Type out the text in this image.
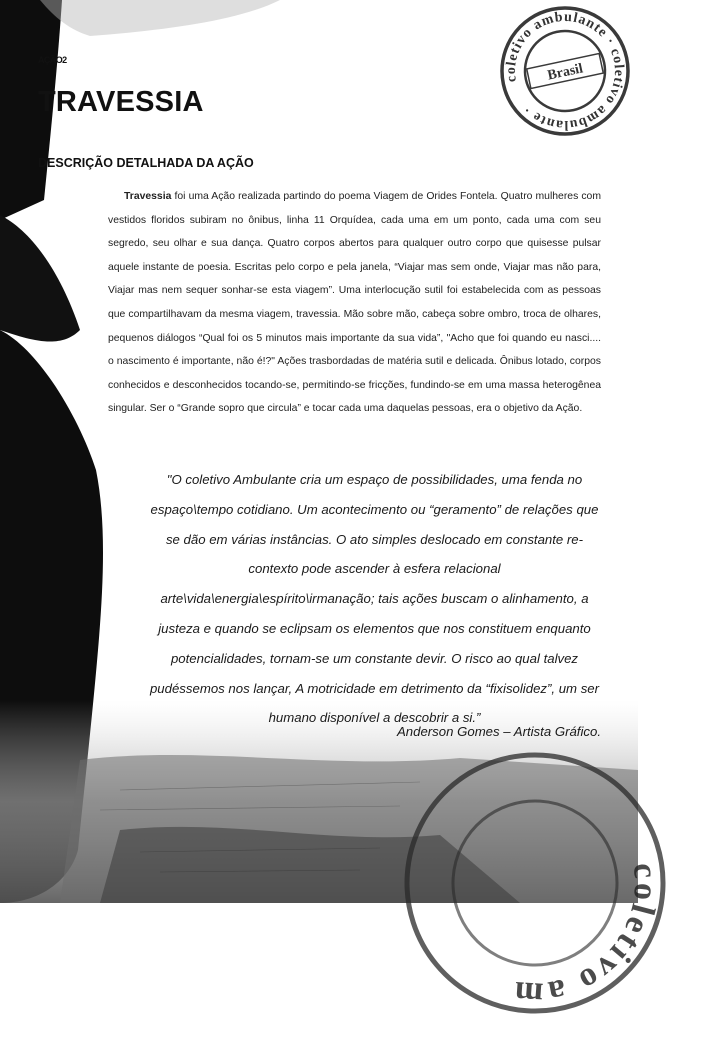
coletivo ambulante · coletivo ambulante ·
Brasil
coletivo am
AÇÃO2
TRAVESSIA
DESCRIÇÃO DETALHADA DA AÇÃO

Travessia foi uma Ação realizada partindo do poema Viagem de Orides Fontela. Quatro mulheres com vestidos floridos subiram no ônibus, linha 11 Orquídea, cada uma em um ponto, cada uma com seu segredo, seu olhar e sua dança. Quatro corpos abertos para qualquer outro corpo que quisesse pulsar aquele instante de poesia. Escritas pelo corpo e pela janela, “Viajar mas sem onde, Viajar mas não para, Viajar mas nem sequer sonhar-se esta viagem”. Uma interlocução sutil foi estabelecida com as pessoas que compartilhavam da mesma viagem, travessia. Mão sobre mão, cabeça sobre ombro, troca de olhares, pequenos diálogos “Qual foi os 5 minutos mais importante da sua vida”, "Acho que foi quando eu nasci.... o nascimento é importante, não é!?" Ações trasbordadas de matéria sutil e delicada. Ônibus lotado, corpos conhecidos e desconhecidos tocando-se, permitindo-se fricções, fundindo-se em uma massa heterogênea singular. Ser o “Grande sopro que circula” e tocar cada uma daquelas pessoas, era o objetivo da Ação.

"O coletivo Ambulante cria um espaço de possibilidades, uma fenda no espaço\tempo cotidiano. Um acontecimento ou “geramento” de relações que se dão em várias instâncias. O ato simples deslocado em constante re-contexto pode ascender à esfera relacional arte\vida\energia\espírito\irmanação; tais ações buscam o alinhamento, a justeza e quando se eclipsam os elementos que nos constituem enquanto potencialidades, tornam-se um constante devir. O risco ao qual talvez pudéssemos nos lançar, A motricidade em detrimento da “fixisolidez”, um ser humano disponível a descobrir a si.”

Anderson Gomes – Artista Gráfico.
